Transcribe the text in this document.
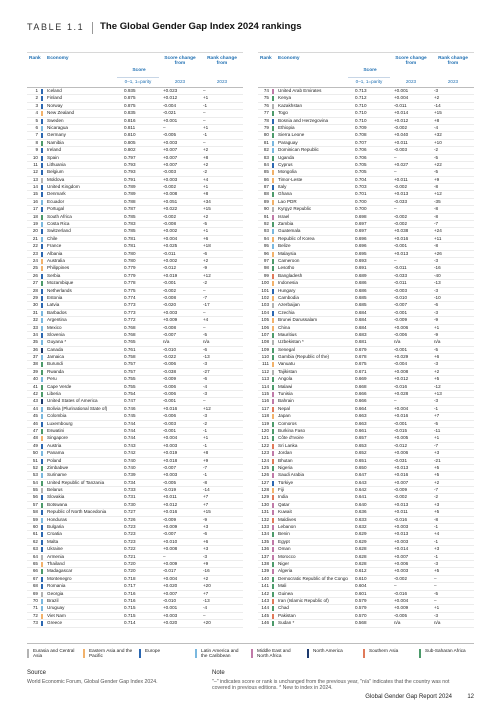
TABLE 1.1 The Global Gender Gap Index 2024 rankings
Rank Economy
Score
Score change from
Rank change from
0–1, 1=parity	2023	2023
1 Iceland	0.935	+0.023	–
2 Finland	0.875	+0.012	+1
3 Norway	0.875	-0.004	-1
4 New Zealand	0.835	-0.021	–
5 Sweden	0.816	+0.001	–
6 Nicaragua	0.811	–	+1
7 Germany	0.810	-0.005	-1
8 Namibia	0.805	+0.003	–
9 Ireland	0.802	+0.007	+2
10 Spain	0.797	+0.007	+8
11 Lithuania	0.793	+0.007	+2
12 Belgium	0.793	-0.003	-2
13 Moldova	0.791	+0.003	+4
14 United Kingdom	0.789	-0.002	+1
15 Denmark	0.789	+0.008	+8
16 Ecuador	0.788	+0.051	+34
17 Portugal	0.787	+0.022	+15
18 South Africa	0.785	-0.002	+2
19 Costa Rica	0.783	-0.008	-5
20 Switzerland	0.785	+0.002	+1
21 Chile	0.781	+0.004	+6
22 France	0.781	+0.025	+18
23 Albania	0.780	-0.011	-6
24 Australia	0.780	+0.002	+2
25 Philippines	0.779	-0.012	-9
26 Serbia	0.779	+0.019	+12
27 Mozambique	0.778	-0.001	-2
28 Netherlands	0.775	-0.002	–
29 Estonia	0.774	-0.008	-7
30 Latvia	0.773	-0.020	-17
31 Barbados	0.773	+0.003	–
32 Argentina	0.772	+0.009	+4
33 Mexico	0.768	-0.008	–
34 Slovenia	0.768	-0.007	-5
35 Guyana *	0.765	n/a	n/a
36 Canada	0.761	-0.010	-6
37 Jamaica	0.758	-0.022	-13
38 Burundi	0.757	-0.006	-3
39 Rwanda	0.757	-0.038	-27
40 Peru	0.755	-0.009	-6
41 Cape Verde	0.755	-0.006	-4
42 Liberia	0.754	-0.006	-3
43 United States of America	0.747	-0.001	–
44 Bolivia (Plurinational State of)	0.746	+0.016	+12
45 Colombia	0.745	-0.006	-3
46 Luxembourg	0.744	-0.003	-2
47 Eswatini	0.744	-0.001	-1
48 Singapore	0.744	+0.004	+1
49 Austria	0.743	+0.003	-1
50 Panama	0.742	+0.019	+8
51 Poland	0.740	+0.018	+9
52 Zimbabwe	0.740	-0.007	-7
53 Suriname	0.739	+0.003	-1
54 United Republic of Tanzania	0.734	-0.005	-8
55 Belarus	0.733	-0.019	-14
56 Slovakia	0.731	+0.011	+7
57 Botswana	0.730	+0.012	+7
58 Republic of North Macedonia	0.727	+0.016	+15
59 Honduras	0.726	-0.009	-9
60 Bulgaria	0.723	+0.009	+3
61 Croatia	0.723	-0.007	-6
62 Malta	0.723	+0.010	+6
63 Ukraine	0.722	+0.008	+3
64 Armenia	0.721	–	-3
65 Thailand	0.720	+0.009	+9
66 Madagascar	0.720	-0.017	-16
67 Montenegro	0.718	+0.004	+2
68 Romania	0.717	+0.020	+20
69 Georgia	0.716	+0.007	+7
70 Brazil	0.716	-0.010	-13
71 Uruguay	0.715	+0.001	-4
72 Viet Nam	0.715	+0.003	–
73 Greece	0.714	+0.020	+20
Rank Economy
Score
Score change from
Rank change from
0–1, 1=parity	2023	2023
74 United Arab Emirates	0.713	+0.001	-3
75 Kenya	0.712	+0.004	+2
76 Kazakhstan	0.710	-0.011	-14
77 Togo	0.710	+0.014	+15
78 Bosnia and Herzegovina	0.710	+0.012	+8
79 Ethiopia	0.709	-0.002	-4
80 Sierra Leone	0.708	+0.040	+32
81 Paraguay	0.707	+0.011	+10
82 Dominican Republic	0.706	-0.003	-2
83 Uganda	0.706	–	-5
84 Cyprus	0.705	+0.027	+22
85 Mongolia	0.705	–	-5
86 Timor-Leste	0.704	+0.011	+9
87 Italy	0.703	-0.002	-8
88 Ghana	0.701	+0.013	+12
89 Lao PDR	0.700	-0.033	-35
90 Kyrgyz Republic	0.700	–	-8
91 Israel	0.698	-0.002	-8
92 Zambia	0.697	-0.002	-7
93 Guatemala	0.697	+0.038	+24
94 Republic of Korea	0.696	+0.016	+11
95 Belize	0.696	-0.001	-8
96 Malaysia	0.695	+0.013	+26
97 Cameroon	0.693	–	-3
98 Lesotho	0.691	-0.011	-16
99 Bangladesh	0.689	-0.033	-40
100 Indonesia	0.686	-0.011	-13
101 Hungary	0.686	-0.003	-3
102 Cambodia	0.685	-0.010	-10
103 Azerbaijan	0.685	-0.007	-6
104 Czechia	0.684	-0.001	-3
105 Brunei Darussalam	0.684	-0.009	-9
106 China	0.684	+0.006	+1
107 Mauritius	0.683	-0.006	-9
108 Uzbekistan *	0.681	n/a	n/a
109 Senegal	0.679	-0.001	-5
110 Gambia (Republic of the)	0.678	+0.029	+6
111 Vanuatu	0.675	-0.004	-3
112 Tajikistan	0.671	+0.008	+2
113 Angola	0.669	+0.012	+5
114 Malawi	0.668	-0.016	-12
115 Tunisia	0.666	+0.028	+13
116 Bahrain	0.666	–	-3
117 Nepal	0.664	+0.004	-1
118 Japan	0.663	+0.016	+7
119 Comoros	0.663	-0.001	-5
120 Burkina Faso	0.661	-0.015	-11
121 Côte d'Ivoire	0.657	+0.005	+1
122 Sri Lanka	0.653	-0.012	-7
123 Jordan	0.652	+0.006	+3
124 Bhutan	0.651	-0.031	-21
125 Nigeria	0.650	+0.013	+5
126 Saudi Arabia	0.647	+0.016	+5
127 Türkiye	0.643	+0.007	+2
128 Fiji	0.642	-0.009	-7
129 India	0.641	-0.002	-2
130 Qatar	0.640	+0.013	+3
131 Kuwait	0.636	+0.011	+5
132 Maldives	0.633	-0.016	-8
133 Lebanon	0.632	+0.003	-1
134 Benin	0.629	+0.013	+4
135 Egypt	0.629	+0.003	-1
136 Oman	0.628	+0.014	+3
137 Morocco	0.628	+0.007	-1
138 Niger	0.628	+0.006	-3
139 Algeria	0.612	+0.003	+5
140 Democratic Republic of the Congo	0.610	-0.002	–
141 Mali	0.604	–	–
142 Guinea	0.601	-0.016	-5
143 Iran (Islamic Republic of)	0.579	+0.004	–
144 Chad	0.579	+0.009	+1
145 Pakistan	0.570	-0.005	-3
146 Sudan *	0.568	n/a	n/a
Eurasia and Central Asia
Eastern Asia and the Pacific
Europe	Latin America and the Caribbean
Middle East and North Africa
North America	Southern Asia	Sub-Saharan Africa
Source
World Economic Forum, Global Gender Gap Index 2024.
Note
"–" indicates score or rank is unchanged from the previous year, "n/a" indicates that the country was not covered in previous editions. * New to index in 2024.
Global Gender Gap Report 2024	12
